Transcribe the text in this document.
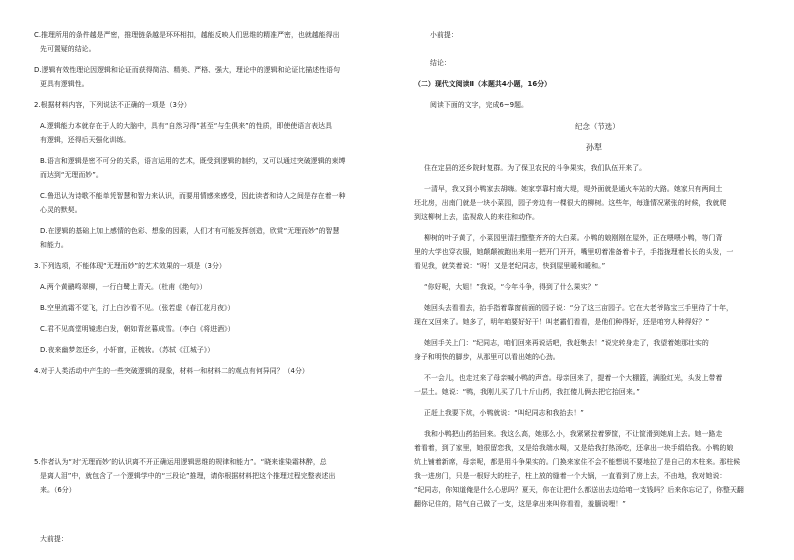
C.推理所用的条件越是严密，推理链条越是环环相扣，越能反映人们思维的精准严密，也就越能得出
先可置疑的结论。
D.逻辑有效性理论因逻辑和论证而获得简洁、精美、严格、强大，理论中的逻辑和论证比描述性语句
更具有逻辑性。
2.根据材料内容，下列说法不正确的一项是（3分）
A.逻辑能力本就存在于人的大脑中，具有“自然习得”甚至“与生俱来”的性质，即使使语言表达具
有逻辑，还得后天强化训练。
B.语言和逻辑是密不可分的关系，语言运用的艺术，既受到逻辑的制约，又可以通过突破逻辑的束缚
而达到“无理而妙”。
C.鲁迅认为诗歌不能单凭智慧和智力来认识，而要用情感来感受，因此读者和诗人之间是存在着一种
心灵的默契。
D.在逻辑的基础上加上感情的色彩、想象的因素，人们才有可能发挥创造，欣赏“无理而妙”的智慧
和能力。
3.下列选项，不能体现“无理而妙”的艺术效果的一项是（3分）
A.两个黄鹂鸣翠柳，一行白鹭上青天。（杜甫《绝句》）
B.空里流霜不觉飞，汀上白沙看不见。（张若虚《春江花月夜》）
C.君不见高堂明镜悲白发，朝如青丝暮成雪。（李白《将进酒》）
D.夜来幽梦忽还乡，小轩窗，正梳妆。（苏轼《江城子》）
4.对于人类活动中产生的一些突破逻辑的现象，材料一和材料二的观点有何异同？（4分）
5.作者认为“对‘无理而妙’的认识离不开正确运用逻辑思维的规律和能力”。“晓来谁染霜林醉，总
是离人泪”中，就包含了一个逻辑学中的“三段论”推理，请你根据材料把这个推理过程完整表述出
来。（6分）
大前提：
小前提：
结论：
（二）现代文阅读Ⅱ（本题共4小题，16分）
阅读下面的文字，完成6~9题。
纪念（节选）
孙犁
住在定县的还乡院时复群。为了保卫农民的斗争果实，我们队伍开来了。
一清早，我又到小鸭家去胡嗨。她家享靠村南大堤，堤外面就是通火车站的大路。她家只有两间土
坯北房，出南门就是一块小菜园，园子旁边有一棵很大的柳树。这些年，每逢情况紧张的时候，我就爬
到这柳树上去，监视敌人的来往和动作。
柳树的叶子黄了，小菜园里清扫整整齐齐的大白菜。小鸭的娘刚刚在屋外，正在喂喂小鸭，等门背
里的大学也穿衣服，她颠颠被跑出来用一把开门开开，嘴里叨着准备着卡子，手指拢理着长长的头发，一
看见我，就笑着说：“呀！又是老纪同志，快到屋里暖和暖和。”
“你好呢，大姐！”我说，“今年斗争，得到了什么果实？”
她回头去看看去，抬手指着靠窗前面的园子说：“分了这三亩园子。它在大老爷陈宝三手里待了十年，
现在又回来了。她多了，明年咱要好好干！叫老霸们看看，是他们种得好，还是咱穷人种得好？”
她回手关上门：“纪同志，咱们回来再说话吧，我赶集去！”说完转身走了，我望着她那壮实的
身子和明快的脚步，从那里可以看出她的心劲。
不一会儿，也走过来了母亲喊小鸭的声音。母亲回来了，提着一个大棚篮，满脸红光，头发上带着
一层土。她说：“鸭，我刚儿买了几十斤山药，我扛傻儿俩去把它抬回来。”
正赶上我要下炕，小鸭就说：“叫纪同志和我抬去！”
我和小鸭把山药抬回来。我这么高，她那么小，我紧紧拉着箩筐，不让筐滑到她肩上去。她一路走
着看着，到了家里，她很留恋我，又是给我端水喝，又是给我打热汤吃，还拿出一块手绢给我。小鸭的娘
炕上铺着新席，母亲呢，都是用斗争果实的。门换来家住不会不能想说不要地拉了是自己的木柱来。那柱候
我一进房门，只是一根好大的柱子，柱上放的缝着一个大锅，一直看到了房上去，不由地，我对她说：
“纪同志，你知道俺是什么心思吗？夏天，你在让把什么都送出去边给咱一支钱吗？后来你忘记了，你整天翻
翻你记住的，陪气自己做了一支，这是拿出来叫你看看，羞腼说哩！”
